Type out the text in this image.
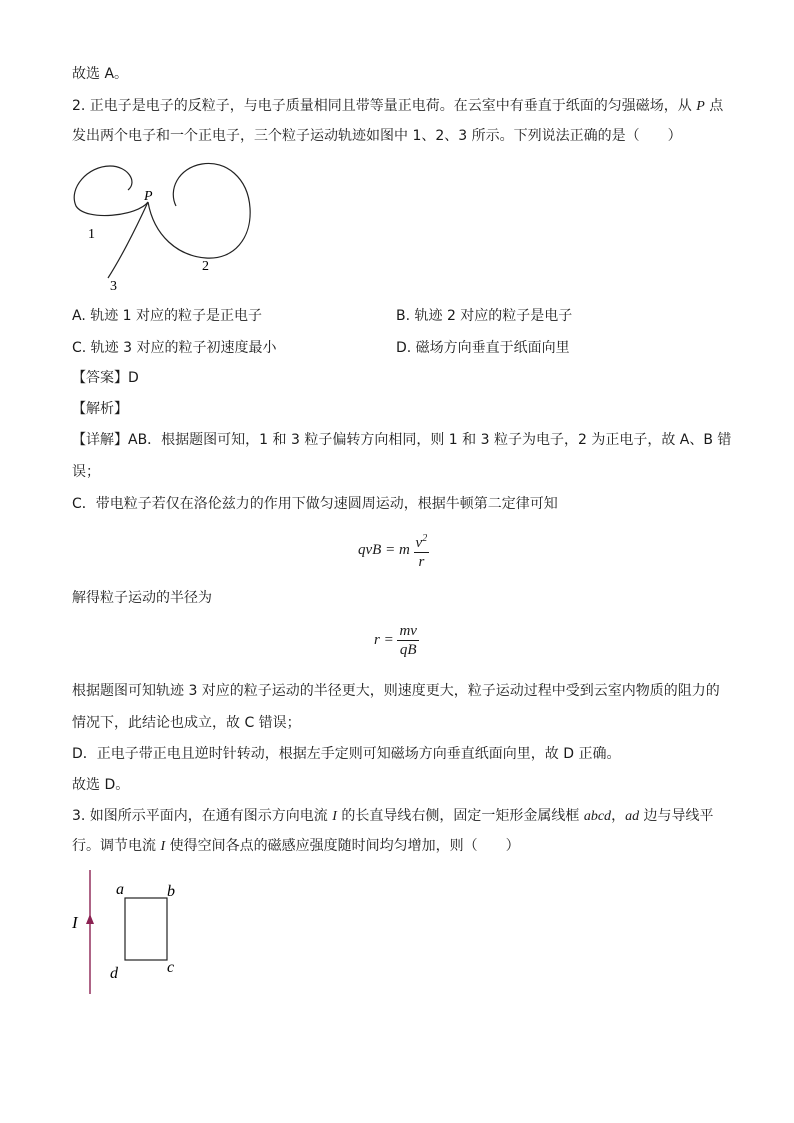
故选 A。
2. 正电子是电子的反粒子，与电子质量相同且带等量正电荷。在云室中有垂直于纸面的匀强磁场，从 P 点
发出两个电子和一个正电子，三个粒子运动轨迹如图中 1、2、3 所示。下列说法正确的是（　　）
P
1
2
3
A. 轨迹 1 对应的粒子是正电子	B. 轨迹 2 对应的粒子是电子
C. 轨迹 3 对应的粒子初速度最小	D. 磁场方向垂直于纸面向里
【答案】D
【解析】
【详解】AB．根据题图可知，1 和 3 粒子偏转方向相同，则 1 和 3 粒子为电子，2 为正电子，故 A、B 错
误；
C．带电粒子若仅在洛伦兹力的作用下做匀速圆周运动，根据牛顿第二定律可知
qvB = m $\frac{v^2}{r}$
解得粒子运动的半径为
$r = \frac{mv}{qB}$
根据题图可知轨迹 3 对应的粒子运动的半径更大，则速度更大，粒子运动过程中受到云室内物质的阻力的
情况下，此结论也成立，故 C 错误；
D．正电子带正电且逆时针转动，根据左手定则可知磁场方向垂直纸面向里，故 D 正确。
故选 D。
3. 如图所示平面内，在通有图示方向电流 I 的长直导线右侧，固定一矩形金属线框 abcd，ad 边与导线平
行。调节电流 I 使得空间各点的磁感应强度随时间均匀增加，则（　　）
I
a	b
c
d
